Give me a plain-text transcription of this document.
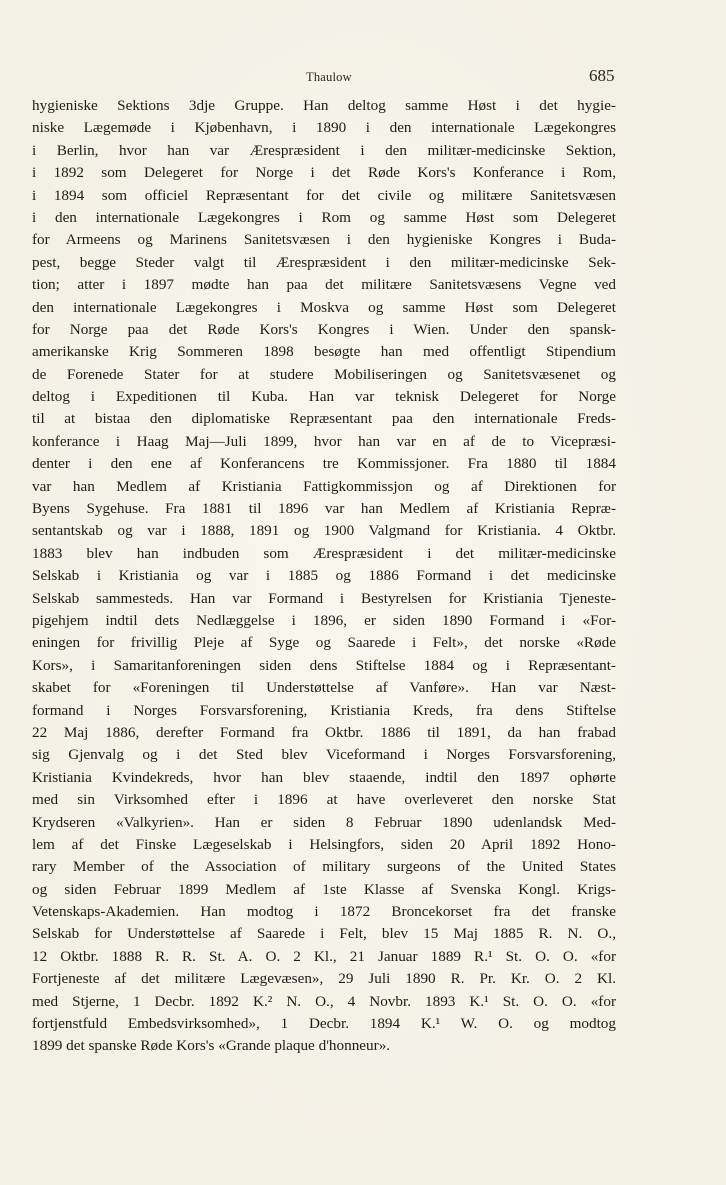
Thaulow	685
hygieniske Sektions 3dje Gruppe. Han deltog samme Høst i det hygie-
niske Lægemøde i Kjøbenhavn, i 1890 i den internationale Lægekongres
i Berlin, hvor han var Ærespræsident i den militær-medicinske Sektion,
i 1892 som Delegeret for Norge i det Røde Kors's Konferance i Rom,
i 1894 som officiel Repræsentant for det civile og militære Sanitetsvæsen
i den internationale Lægekongres i Rom og samme Høst som Delegeret
for Armeens og Marinens Sanitetsvæsen i den hygieniske Kongres i Buda-
pest, begge Steder valgt til Ærespræsident i den militær-medicinske Sek-
tion; atter i 1897 mødte han paa det militære Sanitetsvæsens Vegne ved
den internationale Lægekongres i Moskva og samme Høst som Delegeret
for Norge paa det Røde Kors's Kongres i Wien. Under den spansk-
amerikanske Krig Sommeren 1898 besøgte han med offentligt Stipendium
de Forenede Stater for at studere Mobiliseringen og Sanitetsvæsenet og
deltog i Expeditionen til Kuba. Han var teknisk Delegeret for Norge
til at bistaa den diplomatiske Repræsentant paa den internationale Freds-
konferance i Haag Maj—Juli 1899, hvor han var en af de to Vicepræsi-
denter i den ene af Konferancens tre Kommissjoner. Fra 1880 til 1884
var han Medlem af Kristiania Fattigkommissjon og af Direktionen for
Byens Sygehuse. Fra 1881 til 1896 var han Medlem af Kristiania Repræ-
sentantskab og var i 1888, 1891 og 1900 Valgmand for Kristiania. 4 Oktbr.
1883 blev han indbuden som Ærespræsident i det militær-medicinske
Selskab i Kristiania og var i 1885 og 1886 Formand i det medicinske
Selskab sammesteds. Han var Formand i Bestyrelsen for Kristiania Tjeneste-
pigehjem indtil dets Nedlæggelse i 1896, er siden 1890 Formand i «For-
eningen for frivillig Pleje af Syge og Saarede i Felt», det norske «Røde
Kors», i Samaritanforeningen siden dens Stiftelse 1884 og i Repræsentant-
skabet for «Foreningen til Understøttelse af Vanføre». Han var Næst-
formand i Norges Forsvarsforening, Kristiania Kreds, fra dens Stiftelse
22 Maj 1886, derefter Formand fra Oktbr. 1886 til 1891, da han frabad
sig Gjenvalg og i det Sted blev Viceformand i Norges Forsvarsforening,
Kristiania Kvindekreds, hvor han blev staaende, indtil den 1897 ophørte
med sin Virksomhed efter i 1896 at have overleveret den norske Stat
Krydseren «Valkyrien». Han er siden 8 Februar 1890 udenlandsk Med-
lem af det Finske Lægeselskab i Helsingfors, siden 20 April 1892 Hono-
rary Member of the Association of military surgeons of the United States
og siden Februar 1899 Medlem af 1ste Klasse af Svenska Kongl. Krigs-
Vetenskaps-Akademien. Han modtog i 1872 Broncekorset fra det franske
Selskab for Understøttelse af Saarede i Felt, blev 15 Maj 1885 R. N. O.,
12 Oktbr. 1888 R. R. St. A. O. 2 Kl., 21 Januar 1889 R.¹ St. O. O. «for
Fortjeneste af det militære Lægevæsen», 29 Juli 1890 R. Pr. Kr. O. 2 Kl.
med Stjerne, 1 Decbr. 1892 K.² N. O., 4 Novbr. 1893 K.¹ St. O. O. «for
fortjenstfuld Embedsvirksomhed», 1 Decbr. 1894 K.¹ W. O. og modtog
1899 det spanske Røde Kors's «Grande plaque d'honneur».
